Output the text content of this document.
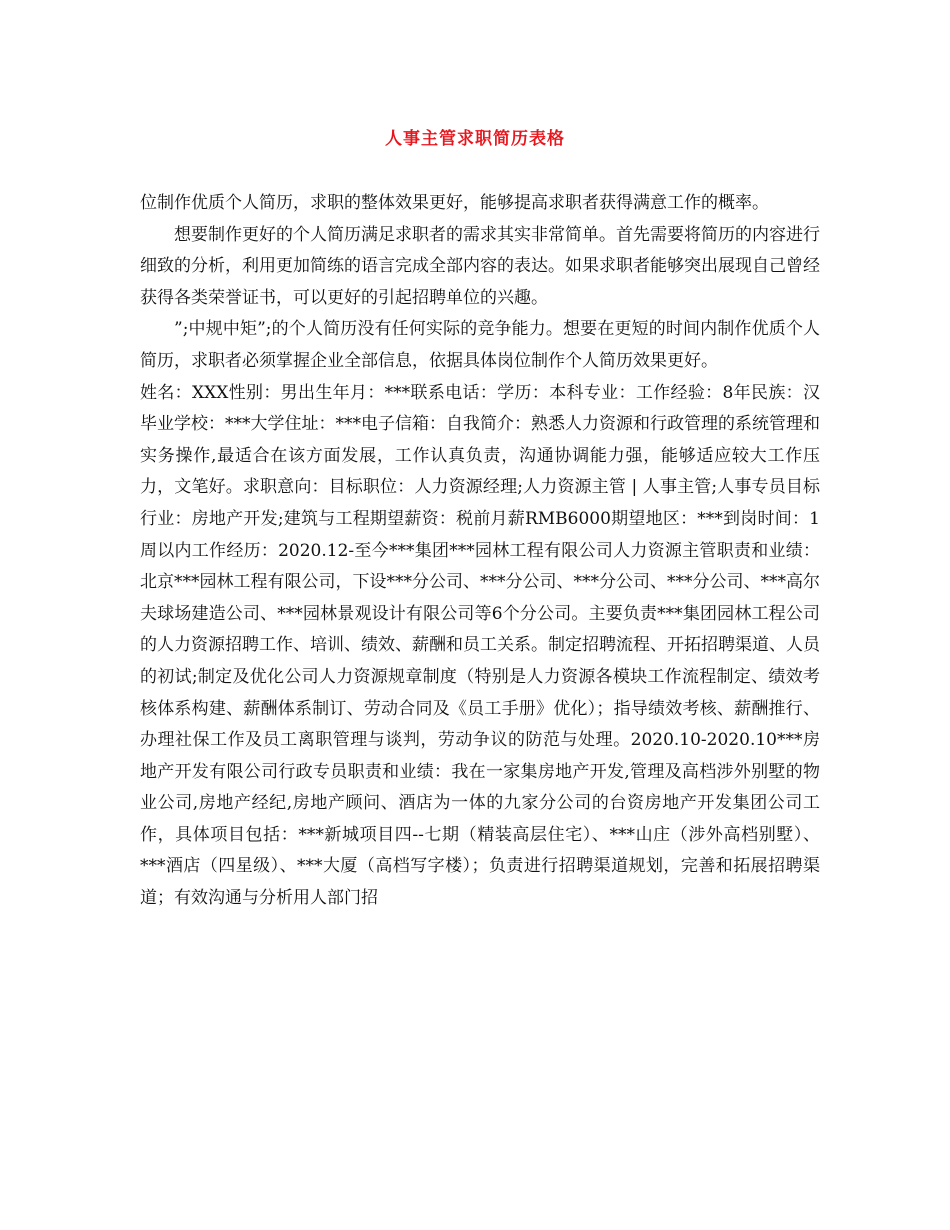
人事主管求职简历表格

位制作优质个人简历，求职的整体效果更好，能够提高求职者获得满意工作的概率。

想要制作更好的个人简历满足求职者的需求其实非常简单。首先需要将简历的内容进行细致的分析，利用更加简练的语言完成全部内容的表达。如果求职者能够突出展现自己曾经获得各类荣誉证书，可以更好的引起招聘单位的兴趣。

”;中规中矩”;的个人简历没有任何实际的竞争能力。想要在更短的时间内制作优质个人简历，求职者必须掌握企业全部信息，依据具体岗位制作个人简历效果更好。

姓名：XXX性别：男出生年月：***联系电话：学历：本科专业：工作经验：8年民族：汉毕业学校：***大学住址：***电子信箱：自我简介：熟悉人力资源和行政管理的系统管理和实务操作,最适合在该方面发展，工作认真负责，沟通协调能力强，能够适应较大工作压力，文笔好。求职意向：目标职位：人力资源经理;人力资源主管 | 人事主管;人事专员目标行业：房地产开发;建筑与工程期望薪资：税前月薪RMB6000期望地区：***到岗时间：1周以内工作经历：2020.12-至今***集团***园林工程有限公司人力资源主管职责和业绩：北京***园林工程有限公司，下设***分公司、***分公司、***分公司、***分公司、***高尔夫球场建造公司、***园林景观设计有限公司等6个分公司。主要负责***集团园林工程公司的人力资源招聘工作、培训、绩效、薪酬和员工关系。制定招聘流程、开拓招聘渠道、人员的初试;制定及优化公司人力资源规章制度（特别是人力资源各模块工作流程制定、绩效考核体系构建、薪酬体系制订、劳动合同及《员工手册》优化）；指导绩效考核、薪酬推行、办理社保工作及员工离职管理与谈判，劳动争议的防范与处理。2020.10-2020.10***房地产开发有限公司行政专员职责和业绩：我在一家集房地产开发,管理及高档涉外别墅的物业公司,房地产经纪,房地产顾问、酒店为一体的九家分公司的台资房地产开发集团公司工作，具体项目包括：***新城项目四--七期（精装高层住宅）、***山庄（涉外高档别墅）、***酒店（四星级）、***大厦（高档写字楼）；负责进行招聘渠道规划，完善和拓展招聘渠道；有效沟通与分析用人部门招
